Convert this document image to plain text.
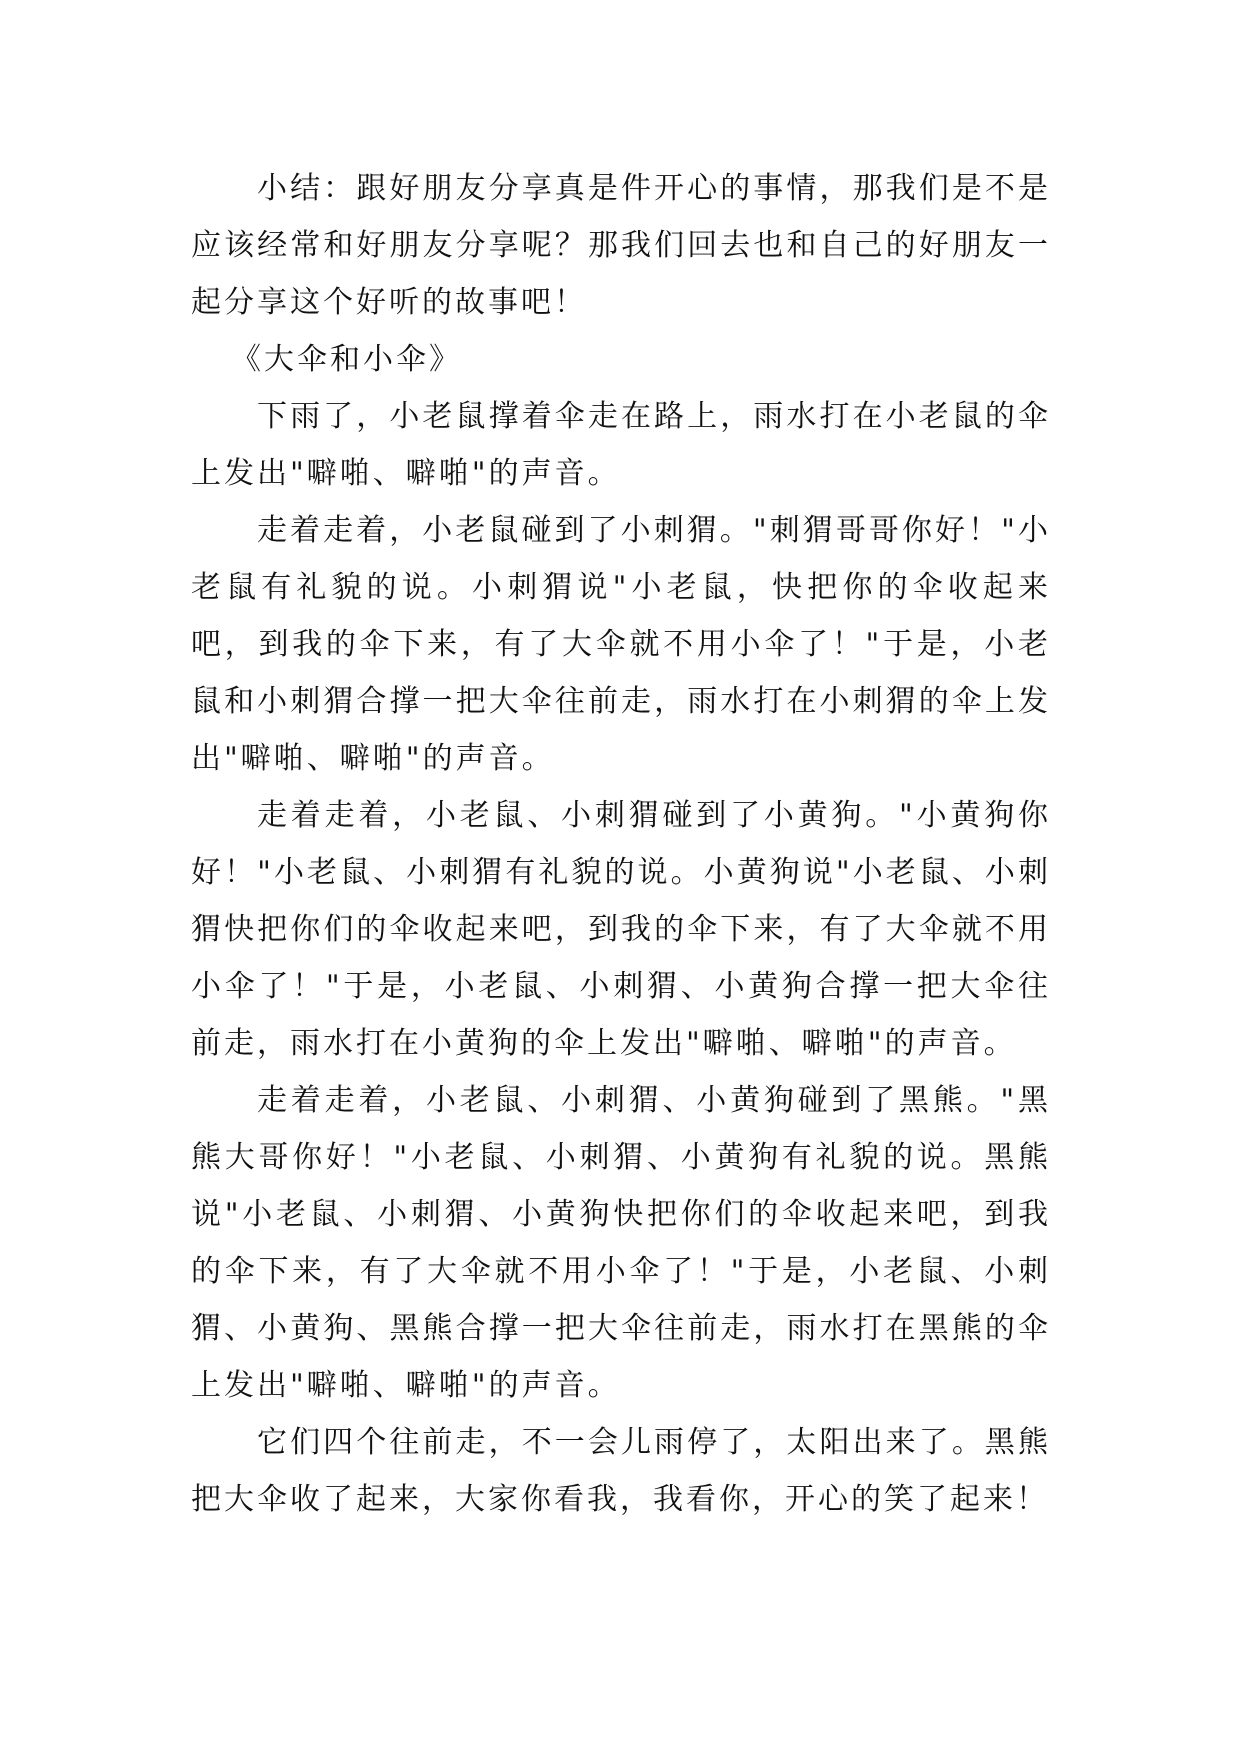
小结：跟好朋友分享真是件开心的事情，那我们是不是应该经常和好朋友分享呢？那我们回去也和自己的好朋友一起分享这个好听的故事吧！

《大伞和小伞》

下雨了，小老鼠撑着伞走在路上，雨水打在小老鼠的伞上发出"噼啪、噼啪"的声音。

走着走着，小老鼠碰到了小刺猬。"刺猬哥哥你好！"小老鼠有礼貌的说。小刺猬说"小老鼠，快把你的伞收起来吧，到我的伞下来，有了大伞就不用小伞了！"于是，小老鼠和小刺猬合撑一把大伞往前走，雨水打在小刺猬的伞上发出"噼啪、噼啪"的声音。

走着走着，小老鼠、小刺猬碰到了小黄狗。"小黄狗你好！"小老鼠、小刺猬有礼貌的说。小黄狗说"小老鼠、小刺猬快把你们的伞收起来吧，到我的伞下来，有了大伞就不用小伞了！"于是，小老鼠、小刺猬、小黄狗合撑一把大伞往前走，雨水打在小黄狗的伞上发出"噼啪、噼啪"的声音。

走着走着，小老鼠、小刺猬、小黄狗碰到了黑熊。"黑熊大哥你好！"小老鼠、小刺猬、小黄狗有礼貌的说。黑熊说"小老鼠、小刺猬、小黄狗快把你们的伞收起来吧，到我的伞下来，有了大伞就不用小伞了！"于是，小老鼠、小刺猬、小黄狗、黑熊合撑一把大伞往前走，雨水打在黑熊的伞上发出"噼啪、噼啪"的声音。

它们四个往前走，不一会儿雨停了，太阳出来了。黑熊把大伞收了起来，大家你看我，我看你，开心的笑了起来！
